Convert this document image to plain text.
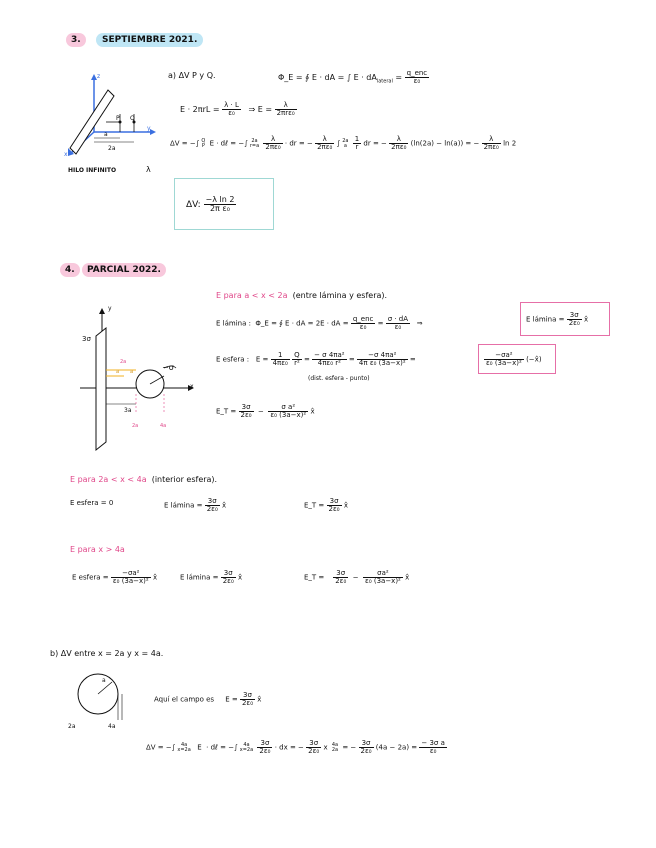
3.	SEPTIEMBRE 2021.
z
y
x
P Q
a
2a
HILO INFINITO	λ
a) ΔV P y Q.	Φ_E = ∮ E · dA = ∫ $E \cdot dA_{lateral} = \frac{\text{q\_enc}}{\text{ε₀}}$
$E \cdot 2\pi rL = \frac{\lambda \cdot L}{\text{ε₀}}$ ⇒ $E = \frac{\lambda}{\text{2πrε₀}}$
ΔV = −∫ Q
P E · dℓ = −∫ 2a
r=a
$\frac{\lambda}{\text{2πε₀}}$ · dr = − $\frac{\lambda}{\text{2πε₀}}$ ∫ 2a
a
$\frac{1}{r}$ dr = − $\frac{\lambda}{\text{2πε₀}} (\ln(2a) - \ln(a))$ = − $\frac{\lambda}{\text{2πε₀}}$ ln 2
ΔV: $\frac{\text{−λ ln 2}}{\text{2π ε₀}}$
4.	PARCIAL 2022.
y
x
3σ
−σ
2a
a a
3a
2a	4a
E para a < x < 2a (entre lámina y esfera).
E lámina : Φ_E = ∮ E · dA = 2E · dA = $\frac{\text{q\_enc}}{\text{ε₀}} = \frac{\sigma \cdot dA}{\text{ε₀}}$ ⇒	E lámina = $\frac{3\sigma}{\text{2ε₀}}$ x̂
E esfera : $E = \frac{1}{\text{4πε₀}}$
$\frac{Q}{\text{r²}} = \frac{\text{− σ 4πa²}}{\text{4πε₀ r²}} = \frac{\text{−σ 4πa²}}{\text{4π ε₀ (3a−x)²}}$ =
(dist. esfera - punto)
$\frac{\text{−σa²}}{\text{ε₀ (3a−x)²}}$ (−x̂)
E_T = $\frac{3\sigma}{\text{2ε₀}} - \frac{\text{σ a²}}{\text{ε₀ (3a−x)²}}$ x̂
E para 2a < x < 4a (interior esfera).
E esfera = 0	E lámina = $\frac{3\sigma}{\text{2ε₀}}$ x̂	E_T = $\frac{3\sigma}{\text{2ε₀}}$ x̂
E para x > 4a
E esfera = $\frac{\text{−σa²}}{\text{ε₀ (3a−x)²}}$ x̂	E lámina = $\frac{3\sigma}{\text{2ε₀}}$ x̂	E_T = $\frac{3\sigma}{\text{2ε₀}} - \frac{\text{σa²}}{\text{ε₀ (3a−x)²}}$ x̂
b) ΔV entre x = 2a y x = 4a.
a
2a	4a
Aquí el campo es $E = \frac{3\sigma}{\text{2ε₀}}$ x̂
ΔV = −∫	4a
x=2a E · dℓ = −∫	4a
x=2a
$\frac{3\sigma}{\text{2ε₀}}$ · dx = − $\frac{3\sigma}{\text{2ε₀}}$ x 4a
2a = − $\frac{3\sigma}{\text{2ε₀}} (4a - 2a) = \frac{\text{− 3σ a}}{\text{ε₀}}$
